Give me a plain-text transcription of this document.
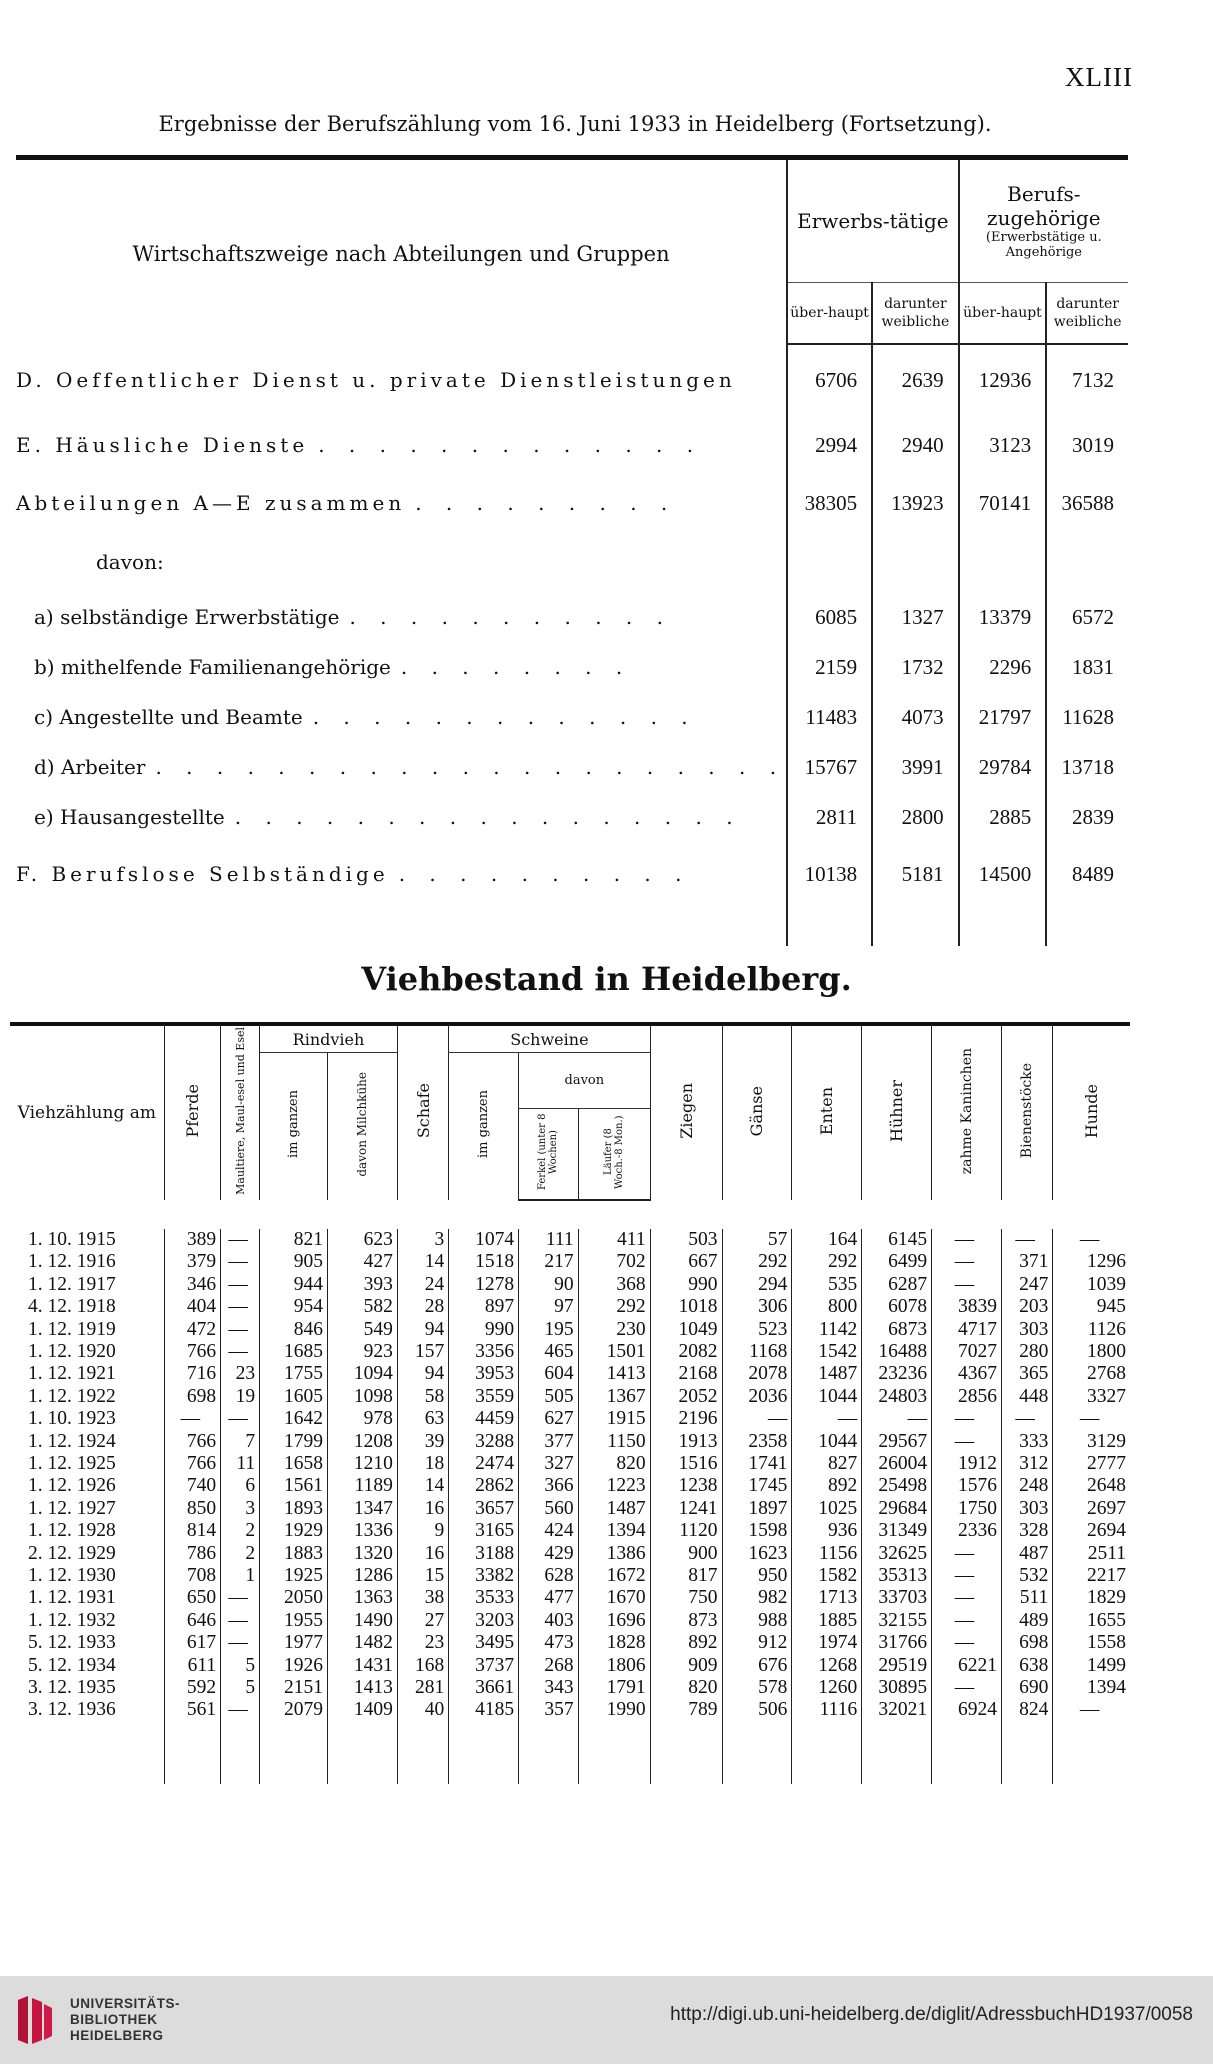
XLIII
Ergebnisse der Berufszählung vom 16. Juni 1933 in Heidelberg (Fortsetzung).
Wirtschaftszweige nach Abteilungen und Gruppen	Erwerbs-tätige		Berufs-zugehörige
(Erwerbstätige u. Angehörige	

	über-haupt	darunter weibliche	über-haupt	darunter weibliche
D. Oeffentlicher Dienst u. private Dienstleistungen	6706	2639	12936	7132
E. Häusliche Dienste . . . . . . . . . . . . .	2994	2940	3123	3019
Abteilungen A—E zusammen . . . . . . . . .	38305	13923	70141	36588
davon:				
a) selbständige Erwerbstätige . . . . . . . . . . .	6085	1327	13379	6572
b) mithelfende Familienangehörige . . . . . . . .	2159	1732	2296	1831
c) Angestellte und Beamte . . . . . . . . . . . . .	11483	4073	21797	11628
d) Arbeiter . . . . . . . . . . . . . . . . . . . . .	15767	3991	29784	13718
e) Hausangestellte . . . . . . . . . . . . . . . . .	2811	2800	2885	2839
F. Berufslose Selbständige . . . . . . . . . .	10138	5181	14500	8489

Viehbestand in Heidelberg.
Viehzählung am	Pferde	Maultiere, Maul-esel und Esel	Rindvieh		Schafe	Schweine			Ziegen	Gänse	Enten	Hühner	zahme Kaninchen	Bienenstöcke	Hunde
			im ganzen	davon Milchkühe		im ganzen	davon								
							Ferkel (unter 8 Wochen)	Läufer (8 Woch.-8 Mon.)							

1. 10. 1915	389	—	821	623	3	1074	111	411	503	57	164	6145	—	—	—
1. 12. 1916	379	—	905	427	14	1518	217	702	667	292	292	6499	—	371	1296
1. 12. 1917	346	—	944	393	24	1278	90	368	990	294	535	6287	—	247	1039
4. 12. 1918	404	—	954	582	28	897	97	292	1018	306	800	6078	3839	203	945
1. 12. 1919	472	—	846	549	94	990	195	230	1049	523	1142	6873	4717	303	1126
1. 12. 1920	766	—	1685	923	157	3356	465	1501	2082	1168	1542	16488	7027	280	1800
1. 12. 1921	716	23	1755	1094	94	3953	604	1413	2168	2078	1487	23236	4367	365	2768
1. 12. 1922	698	19	1605	1098	58	3559	505	1367	2052	2036	1044	24803	2856	448	3327
1. 10. 1923	—	—	1642	978	63	4459	627	1915	2196	—	—	—	—	—	—
1. 12. 1924	766	7	1799	1208	39	3288	377	1150	1913	2358	1044	29567	—	333	3129
1. 12. 1925	766	11	1658	1210	18	2474	327	820	1516	1741	827	26004	1912	312	2777
1. 12. 1926	740	6	1561	1189	14	2862	366	1223	1238	1745	892	25498	1576	248	2648
1. 12. 1927	850	3	1893	1347	16	3657	560	1487	1241	1897	1025	29684	1750	303	2697
1. 12. 1928	814	2	1929	1336	9	3165	424	1394	1120	1598	936	31349	2336	328	2694
2. 12. 1929	786	2	1883	1320	16	3188	429	1386	900	1623	1156	32625	—	487	2511
1. 12. 1930	708	1	1925	1286	15	3382	628	1672	817	950	1582	35313	—	532	2217
1. 12. 1931	650	—	2050	1363	38	3533	477	1670	750	982	1713	33703	—	511	1829
1. 12. 1932	646	—	1955	1490	27	3203	403	1696	873	988	1885	32155	—	489	1655
5. 12. 1933	617	—	1977	1482	23	3495	473	1828	892	912	1974	31766	—	698	1558
5. 12. 1934	611	5	1926	1431	168	3737	268	1806	909	676	1268	29519	6221	638	1499
3. 12. 1935	592	5	2151	1413	281	3661	343	1791	820	578	1260	30895	—	690	1394
3. 12. 1936	561	—	2079	1409	40	4185	357	1990	789	506	1116	32021	6924	824	—

UNIVERSITÄTS-
BIBLIOTHEK
HEIDELBERG
http://digi.ub.uni-heidelberg.de/diglit/AdressbuchHD1937/0058
